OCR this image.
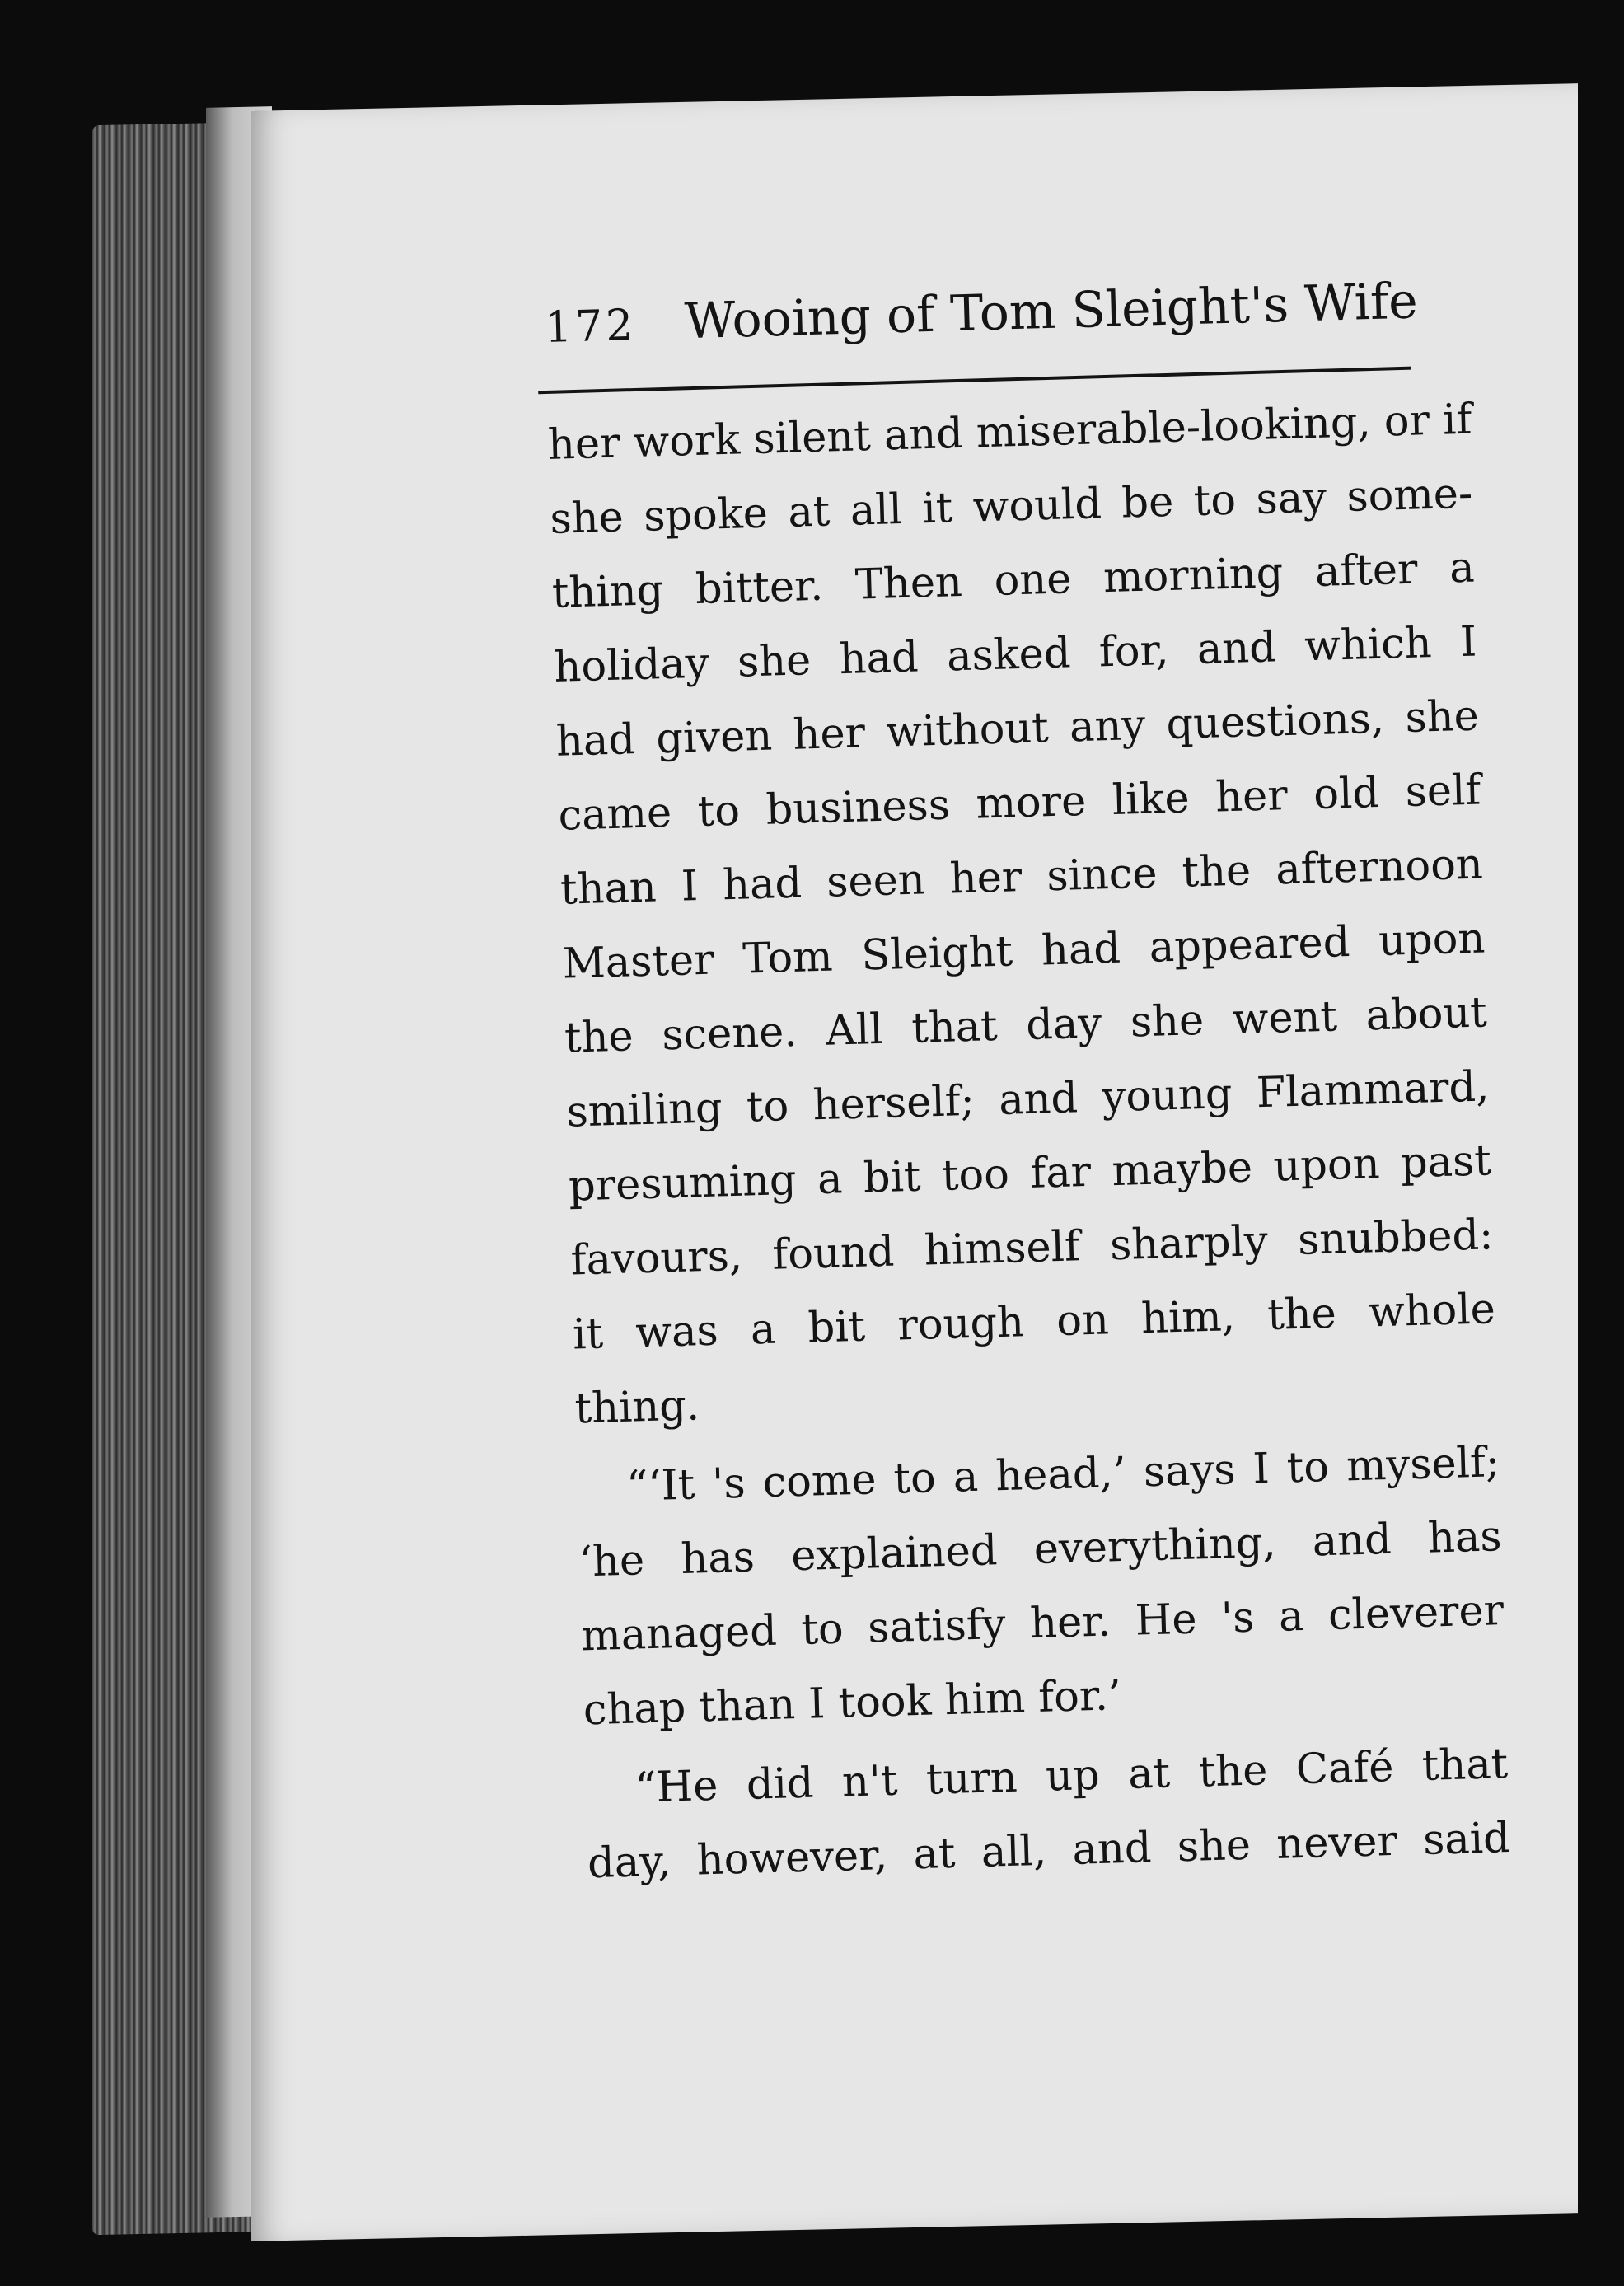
172 Wooing of Tom Sleight's Wife
her work silent and miserable-looking, or if
she spoke at all it would be to say some-
thing bitter. Then one morning after a
holiday she had asked for, and which I
had given her without any questions, she
came to business more like her old self
than I had seen her since the afternoon
Master Tom Sleight had appeared upon
the scene. All that day she went about
smiling to herself; and young Flammard,
presuming a bit too far maybe upon past
favours, found himself sharply snubbed:
it was a bit rough on him, the whole
thing.
“‘It 's come to a head,’ says I to myself;
‘he has explained everything, and has
managed to satisfy her. He 's a cleverer
chap than I took him for.’
“He did n't turn up at the Café that
day, however, at all, and she never said
